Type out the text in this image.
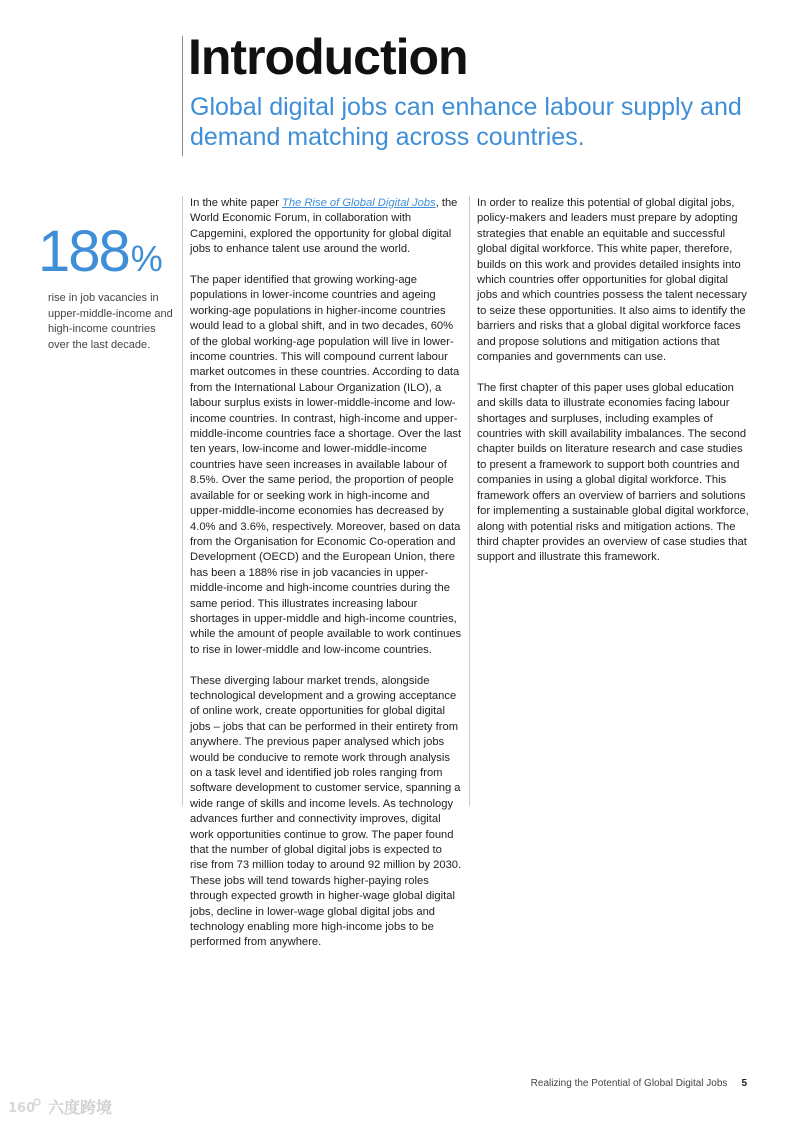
Introduction
Global digital jobs can enhance labour supply and demand matching across countries.
188%
rise in job vacancies in upper-middle-income and high-income countries over the last decade.

In the white paper The Rise of Global Digital Jobs, the World Economic Forum, in collaboration with Capgemini, explored the opportunity for global digital jobs to enhance talent use around the world.

The paper identified that growing working-age populations in lower-income countries and ageing working-age populations in higher-income countries would lead to a global shift, and in two decades, 60% of the global working-age population will live in lower-income countries. This will compound current labour market outcomes in these countries. According to data from the International Labour Organization (ILO), a labour surplus exists in lower-middle-income and low-income countries. In contrast, high-income and upper-middle-income countries face a shortage. Over the last ten years, low-income and lower-middle-income countries have seen increases in available labour of 8.5%. Over the same period, the proportion of people available for or seeking work in high-income and upper-middle-income economies has decreased by 4.0% and 3.6%, respectively. Moreover, based on data from the Organisation for Economic Co-operation and Development (OECD) and the European Union, there has been a 188% rise in job vacancies in upper-middle-income and high-income countries during the same period. This illustrates increasing labour shortages in upper-middle and high-income countries, while the amount of people available to work continues to rise in lower-middle and low-income countries.

These diverging labour market trends, alongside technological development and a growing acceptance of online work, create opportunities for global digital jobs – jobs that can be performed in their entirety from anywhere. The previous paper analysed which jobs would be conducive to remote work through analysis on a task level and identified job roles ranging from software development to customer service, spanning a wide range of skills and income levels. As technology advances further and connectivity improves, digital work opportunities continue to grow. The paper found that the number of global digital jobs is expected to rise from 73 million today to around 92 million by 2030. These jobs will tend towards higher-paying roles through expected growth in higher-wage global digital jobs, decline in lower-wage global digital jobs and technology enabling more high-income jobs to be performed from anywhere.

In order to realize this potential of global digital jobs, policy-makers and leaders must prepare by adopting strategies that enable an equitable and successful global digital workforce. This white paper, therefore, builds on this work and provides detailed insights into which countries offer opportunities for global digital jobs and which countries possess the talent necessary to seize these opportunities. It also aims to identify the barriers and risks that a global digital workforce faces and propose solutions and mitigation actions that companies and governments can use.

The first chapter of this paper uses global education and skills data to illustrate economies facing labour shortages and surpluses, including examples of countries with skill availability imbalances. The second chapter builds on literature research and case studies to present a framework to support both countries and companies in using a global digital workforce. This framework offers an overview of barriers and solutions for implementing a sustainable global digital workforce, along with potential risks and mitigation actions. The third chapter provides an overview of case studies that support and illustrate this framework.

Realizing the Potential of Global Digital Jobs 5
160 六度跨境
